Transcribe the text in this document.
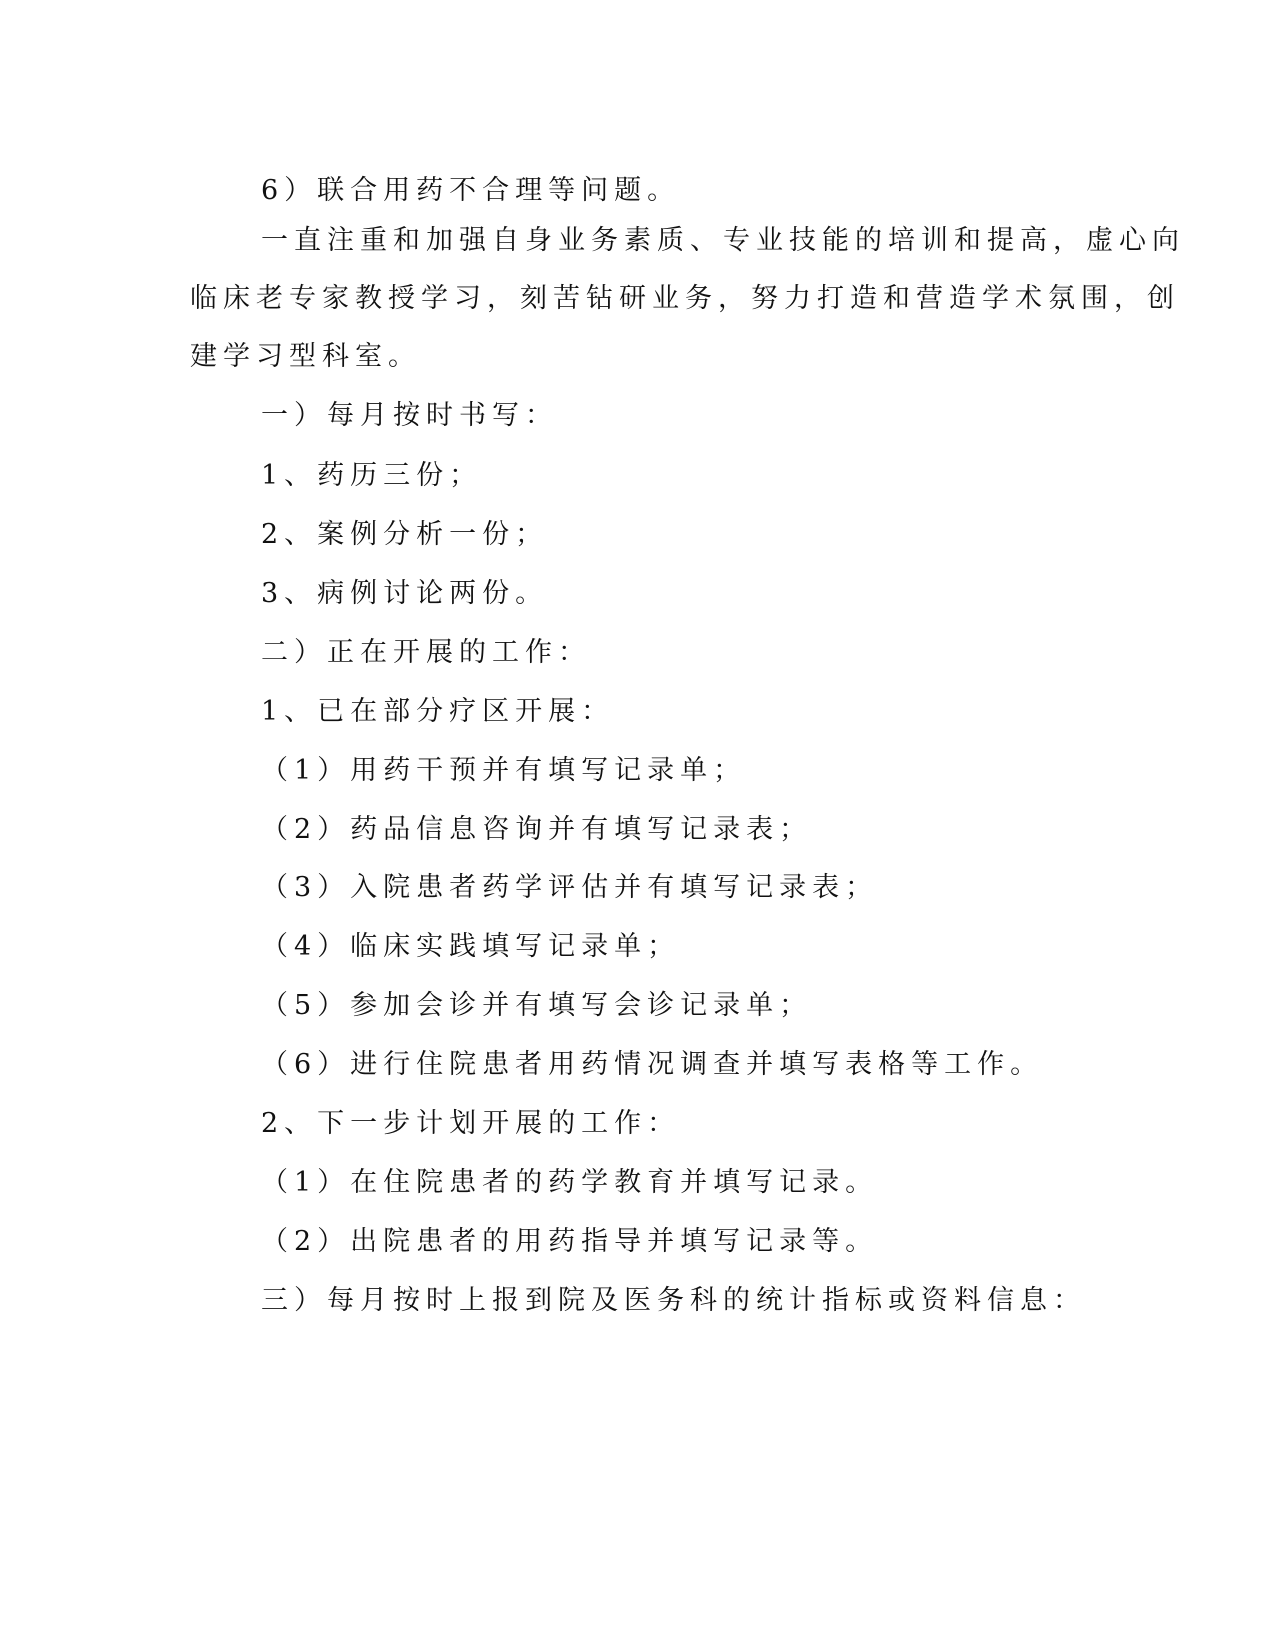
6）联合用药不合理等问题。
一直注重和加强自身业务素质、专业技能的培训和提高，虚心向
临床老专家教授学习，刻苦钻研业务，努力打造和营造学术氛围，创
建学习型科室。
一）每月按时书写：
1、药历三份；
2、案例分析一份；
3、病例讨论两份。
二）正在开展的工作：
1、已在部分疗区开展：
（1）用药干预并有填写记录单；
（2）药品信息咨询并有填写记录表；
（3）入院患者药学评估并有填写记录表；
（4）临床实践填写记录单；
（5）参加会诊并有填写会诊记录单；
（6）进行住院患者用药情况调查并填写表格等工作。
2、下一步计划开展的工作：
（1）在住院患者的药学教育并填写记录。
（2）出院患者的用药指导并填写记录等。
三）每月按时上报到院及医务科的统计指标或资料信息：
